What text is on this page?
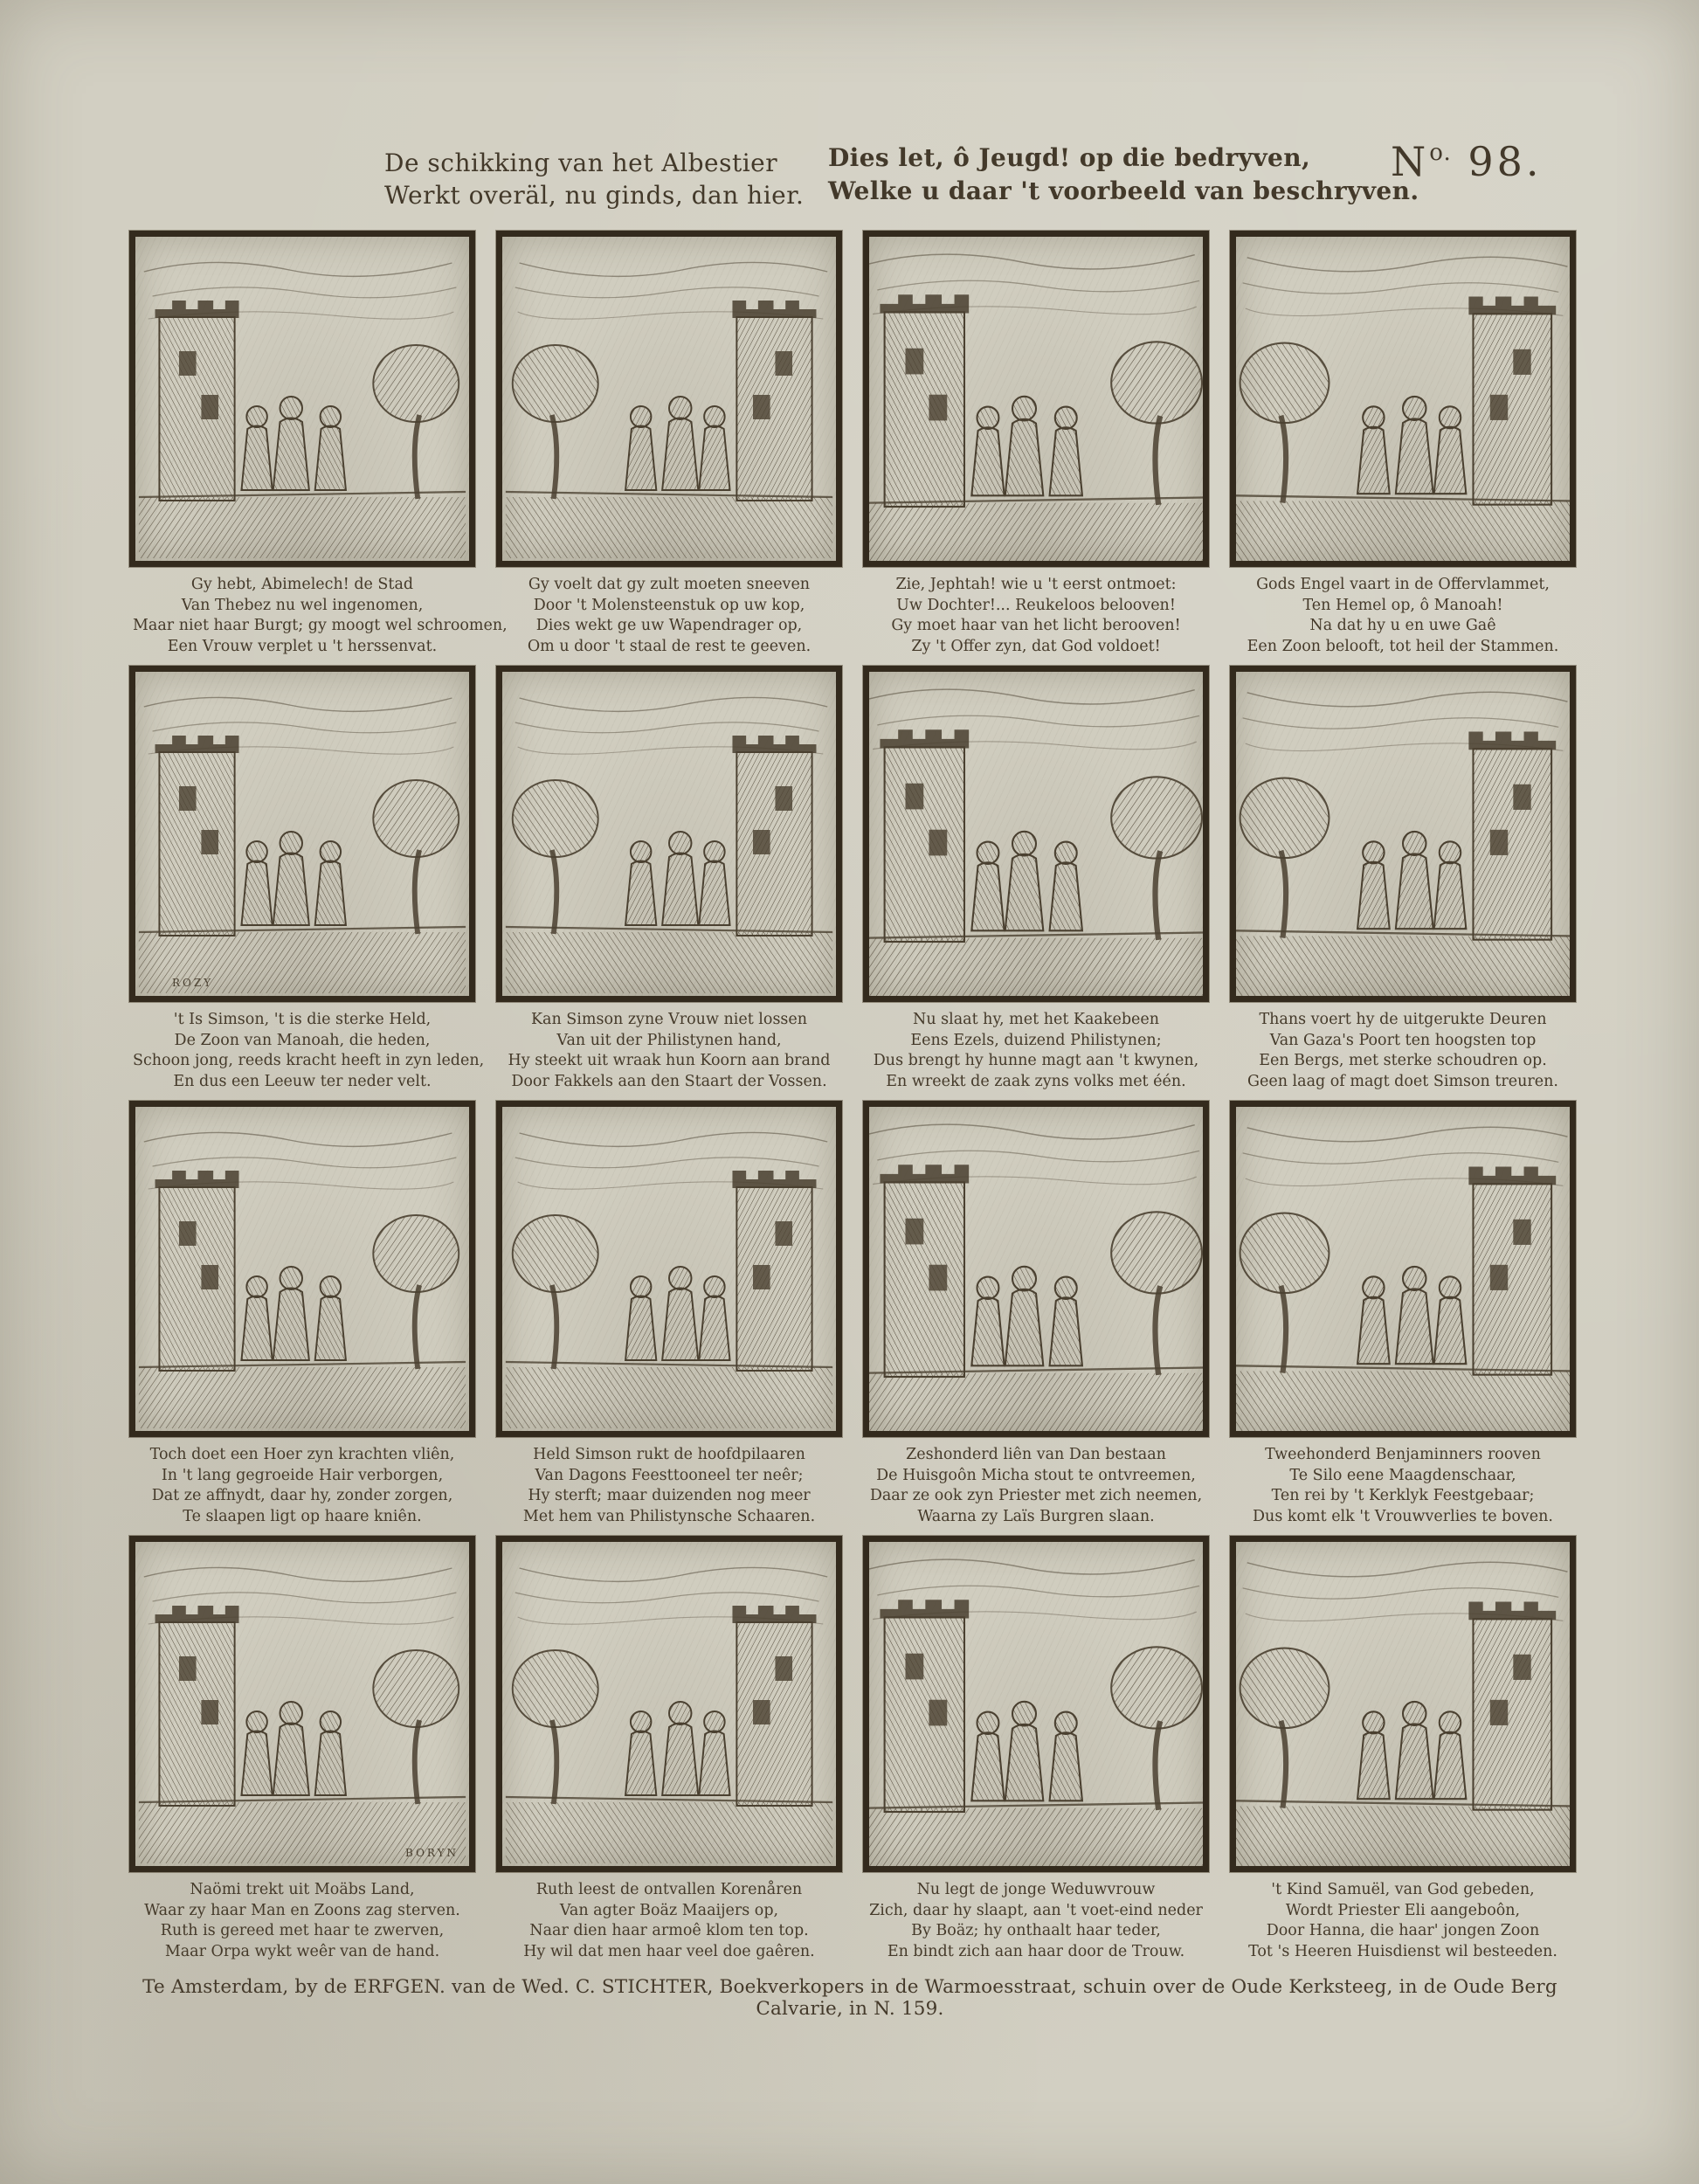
De schikking van het Albestier
Werkt overäl, nu ginds, dan hier.
Dies let, ô Jeugd! op die bedryven,
Welke u daar 't voorbeeld van beschryven.
$N^{o.}$ 98.
Gy hebt, Abimelech! de Stad
Van Thebez nu wel ingenomen,
Maar niet haar Burgt; gy moogt wel schroomen,
Een Vrouw verplet u 't herssenvat.
Gy voelt dat gy zult moeten sneeven
Door 't Molensteenstuk op uw kop,
Dies wekt ge uw Wapendrager op,
Om u door 't staal de rest te geeven.
Zie, Jephtah! wie u 't eerst ontmoet:
Uw Dochter!... Reukeloos belooven!
Gy moet haar van het licht berooven!
Zy 't Offer zyn, dat God voldoet!
Gods Engel vaart in de Offervlammet,
Ten Hemel op, ô Manoah!
Na dat hy u en uwe Gaê
Een Zoon belooft, tot heil der Stammen.
ROZY
't Is Simson, 't is die sterke Held,
De Zoon van Manoah, die heden,
Schoon jong, reeds kracht heeft in zyn leden,
En dus een Leeuw ter neder velt.
Kan Simson zyne Vrouw niet lossen
Van uit der Philistynen hand,
Hy steekt uit wraak hun Koorn aan brand
Door Fakkels aan den Staart der Vossen.
Nu slaat hy, met het Kaakebeen
Eens Ezels, duizend Philistynen;
Dus brengt hy hunne magt aan 't kwynen,
En wreekt de zaak zyns volks met één.
Thans voert hy de uitgerukte Deuren
Van Gaza's Poort ten hoogsten top
Een Bergs, met sterke schoudren op.
Geen laag of magt doet Simson treuren.
Toch doet een Hoer zyn krachten vliên,
In 't lang gegroeide Hair verborgen,
Dat ze affnydt, daar hy, zonder zorgen,
Te slaapen ligt op haare kniên.
Held Simson rukt de hoofdpilaaren
Van Dagons Feesttooneel ter neêr;
Hy sterft; maar duizenden nog meer
Met hem van Philistynsche Schaaren.
Zeshonderd liên van Dan bestaan
De Huisgoôn Micha stout te ontvreemen,
Daar ze ook zyn Priester met zich neemen,
Waarna zy Laïs Burgren slaan.
Tweehonderd Benjaminners rooven
Te Silo eene Maagdenschaar,
Ten rei by 't Kerklyk Feestgebaar;
Dus komt elk 't Vrouwverlies te boven.
BORYN
Naömi trekt uit Moäbs Land,
Waar zy haar Man en Zoons zag sterven.
Ruth is gereed met haar te zwerven,
Maar Orpa wykt weêr van de hand.
Ruth leest de ontvallen Korenåren
Van agter Boäz Maaijers op,
Naar dien haar armoê klom ten top.
Hy wil dat men haar veel doe gaêren.
Nu legt de jonge Weduwvrouw
Zich, daar hy slaapt, aan 't voet-eind neder
By Boäz; hy onthaalt haar teder,
En bindt zich aan haar door de Trouw.
't Kind Samuël, van God gebeden,
Wordt Priester Eli aangeboôn,
Door Hanna, die haar' jongen Zoon
Tot 's Heeren Huisdienst wil besteeden.
Te Amsterdam, by de ERFGEN. van de Wed. C. STICHTER, Boekverkopers in de Warmoesstraat, schuin over de Oude Kerksteeg, in de Oude Berg Calvarie, in N. 159.
